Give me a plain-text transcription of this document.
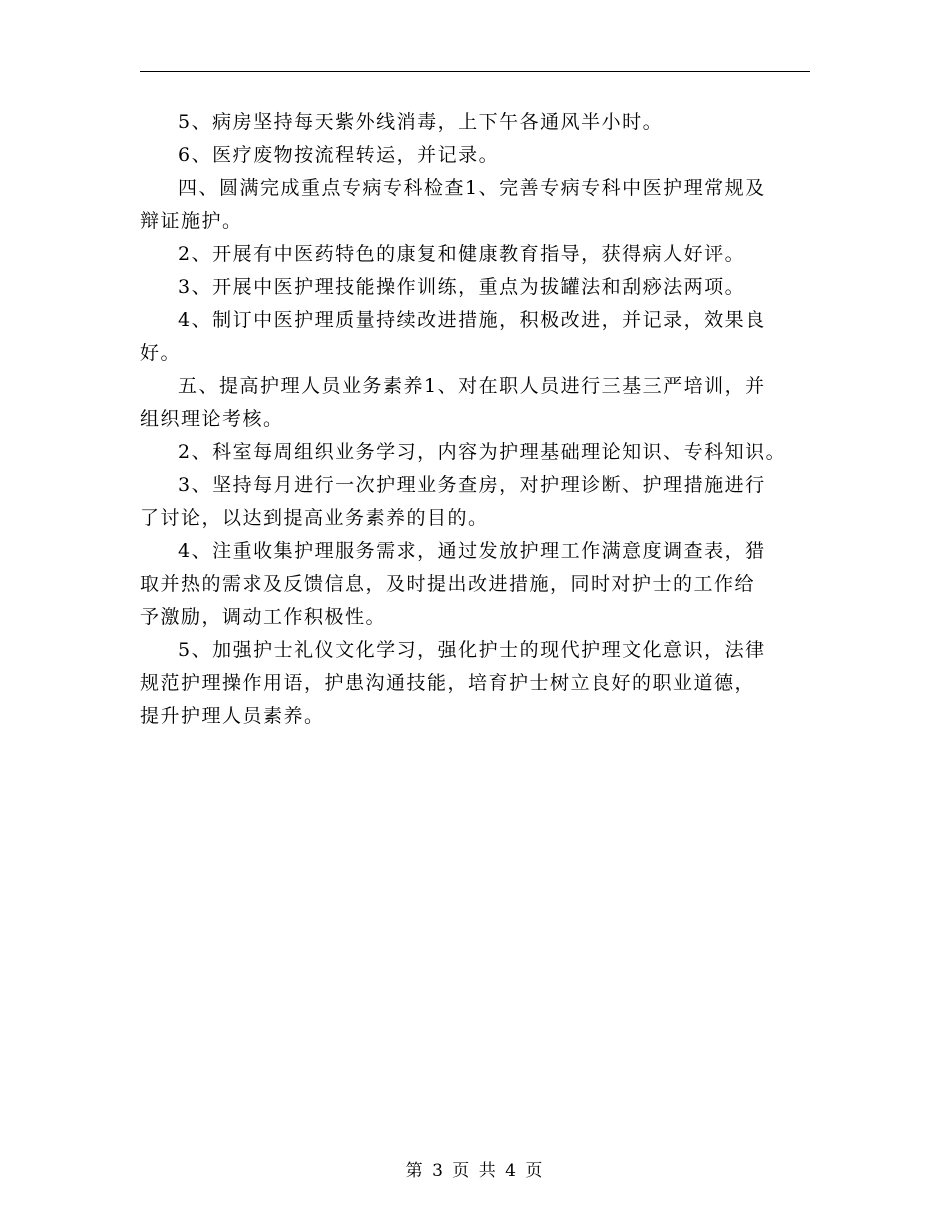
5、病房坚持每天紫外线消毒，上下午各通风半小时。

6、医疗废物按流程转运，并记录。

四、圆满完成重点专病专科检查1、完善专病专科中医护理常规及
辩证施护。

2、开展有中医药特色的康复和健康教育指导，获得病人好评。

3、开展中医护理技能操作训练，重点为拔罐法和刮痧法两项。

4、制订中医护理质量持续改进措施，积极改进，并记录，效果良
好。

五、提高护理人员业务素养1、对在职人员进行三基三严培训，并
组织理论考核。

2、科室每周组织业务学习，内容为护理基础理论知识、专科知识。

3、坚持每月进行一次护理业务查房，对护理诊断、护理措施进行
了讨论，以达到提高业务素养的目的。

4、注重收集护理服务需求，通过发放护理工作满意度调查表，猎
取并热的需求及反馈信息，及时提出改进措施，同时对护士的工作给
予激励，调动工作积极性。

5、加强护士礼仪文化学习，强化护士的现代护理文化意识，法律
规范护理操作用语，护患沟通技能，培育护士树立良好的职业道德，
提升护理人员素养。

第 3 页 共 4 页
